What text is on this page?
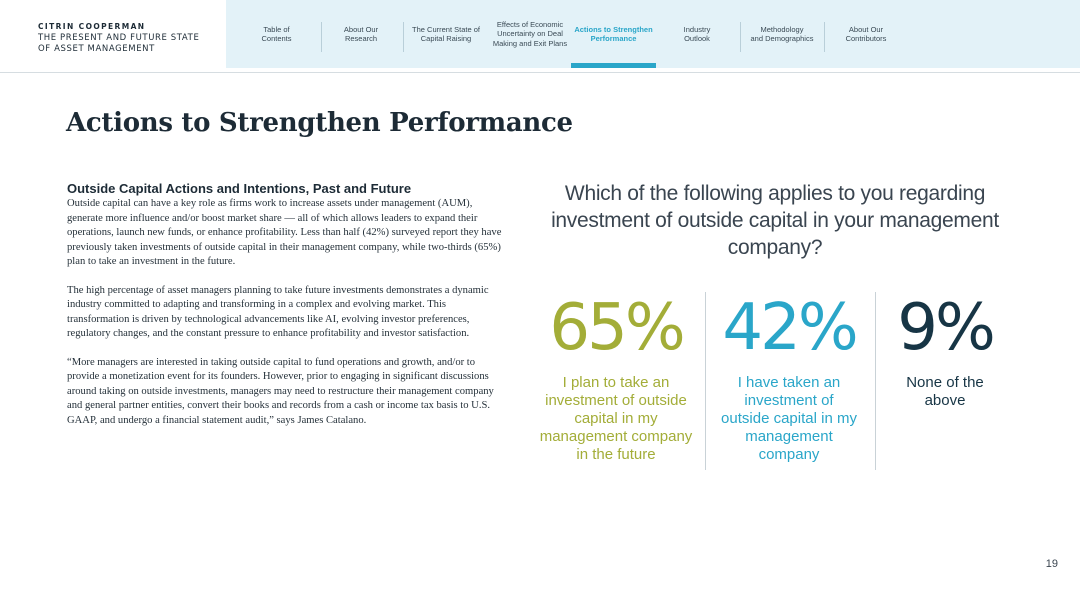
CITRIN COOPERMAN
THE PRESENT AND FUTURE STATE
OF ASSET MANAGEMENT
Table of
Contents
About Our
Research
The Current State of
Capital Raising
Effects of Economic
Uncertainty on Deal
Making and Exit Plans
Actions to Strengthen
Performance
Industry
Outlook
Methodology
and Demographics
About Our
Contributors
Actions to Strengthen Performance
Outside Capital Actions and Intentions, Past and Future

Outside capital can have a key role as firms work to increase assets under management (AUM), generate more influence and/or boost market share — all of which allows leaders to expand their operations, launch new funds, or enhance profitability. Less than half (42%) surveyed report they have previously taken investments of outside capital in their management company, while two-thirds (65%) plan to take an investment in the future.

The high percentage of asset managers planning to take future investments demonstrates a dynamic industry committed to adapting and transforming in a complex and evolving market. This transformation is driven by technological advancements like AI, evolving investor preferences, regulatory changes, and the constant pressure to enhance profitability and investor satisfaction.

“More managers are interested in taking outside capital to fund operations and growth, and/or to provide a monetization event for its founders. However, prior to engaging in significant discussions around taking on outside investments, managers may need to restructure their management company and general partner entities, convert their books and records from a cash or income tax basis to U.S. GAAP, and undergo a financial statement audit,” says James Catalano.

Which of the following applies to you regarding investment of outside capital in your management company?
65%
I plan to take an investment of outside capital in my management company in the future
42%
I have taken an investment of outside capital in my management company
9%
None of the above
19
